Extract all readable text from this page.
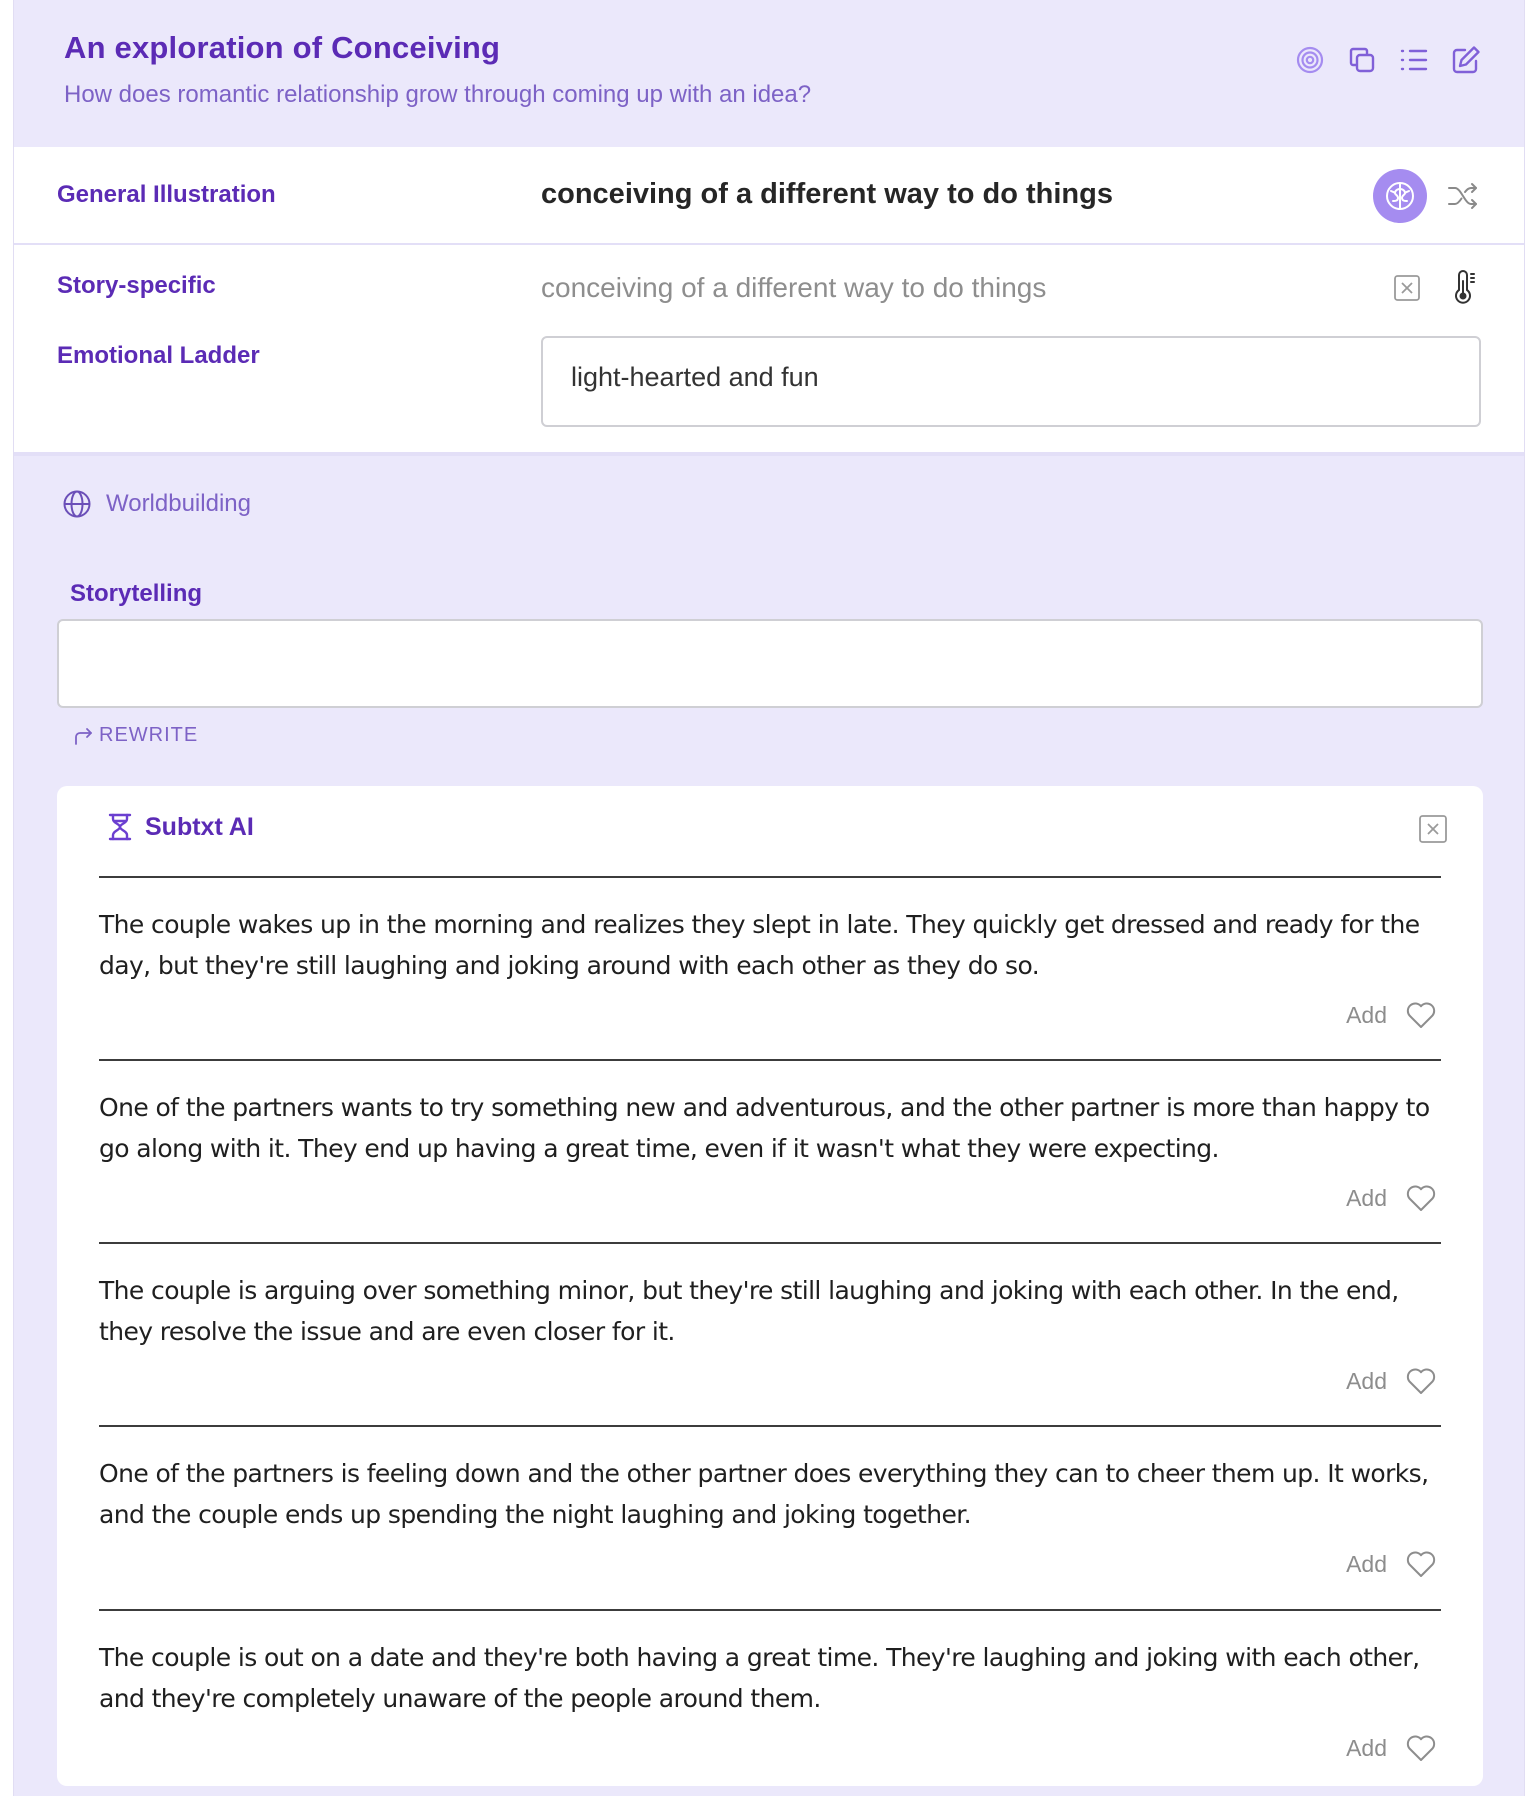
An exploration of Conceiving
How does romantic relationship grow through coming up with an idea?
General Illustration	conceiving of a different way to do things
Story-specific	conceiving of a different way to do things
Emotional Ladder
light-hearted and fun
Worldbuilding
Storytelling
REWRITE
Subtxt AI
The couple wakes up in the morning and realizes they slept in late. They quickly get dressed and ready for the
day, but they're still laughing and joking around with each other as they do so.
Add
One of the partners wants to try something new and adventurous, and the other partner is more than happy to
go along with it. They end up having a great time, even if it wasn't what they were expecting.
Add
The couple is arguing over something minor, but they're still laughing and joking with each other. In the end,
they resolve the issue and are even closer for it.
Add
One of the partners is feeling down and the other partner does everything they can to cheer them up. It works,
and the couple ends up spending the night laughing and joking together.
Add
The couple is out on a date and they're both having a great time. They're laughing and joking with each other,
and they're completely unaware of the people around them.
Add
